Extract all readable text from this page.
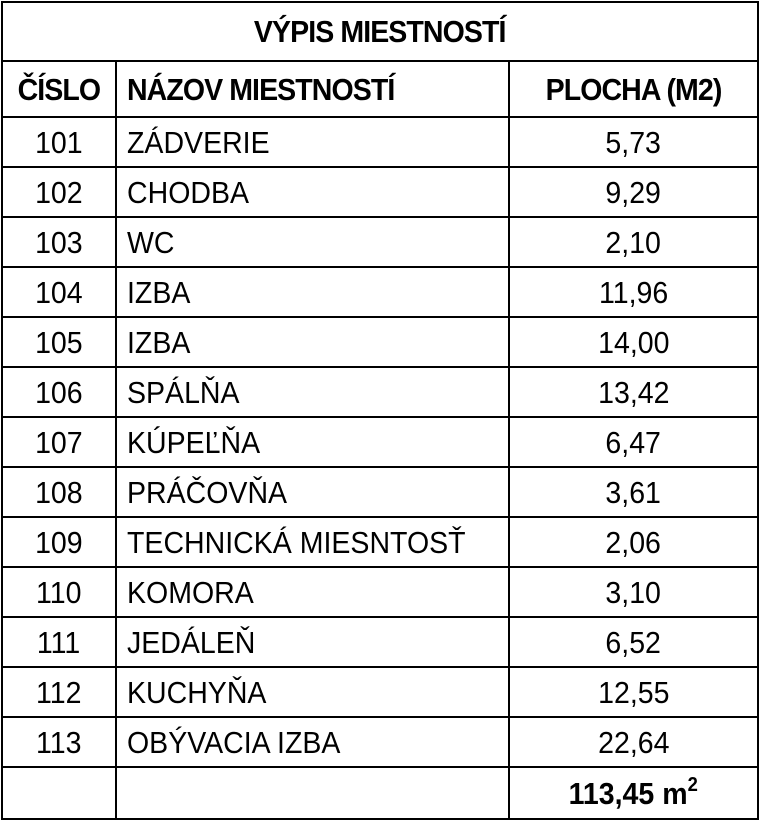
VÝPIS MIESTNOSTÍ		
ČÍSLO	NÁZOV MIESTNOSTÍ	PLOCHA (M2)
101	ZÁDVERIE	5,73
102	CHODBA	9,29
103	WC	2,10
104	IZBA	11,96
105	IZBA	14,00
106	SPÁLŇA	13,42
107	KÚPEĽŇA	6,47
108	PRÁČOVŇA	3,61
109	TECHNICKÁ MIESNTOSŤ	2,06
110	KOMORA	3,10
111	JEDÁLEŇ	6,52
112	KUCHYŇA	12,55
113	OBÝVACIA IZBA	22,64
		113,45 $m^2$
